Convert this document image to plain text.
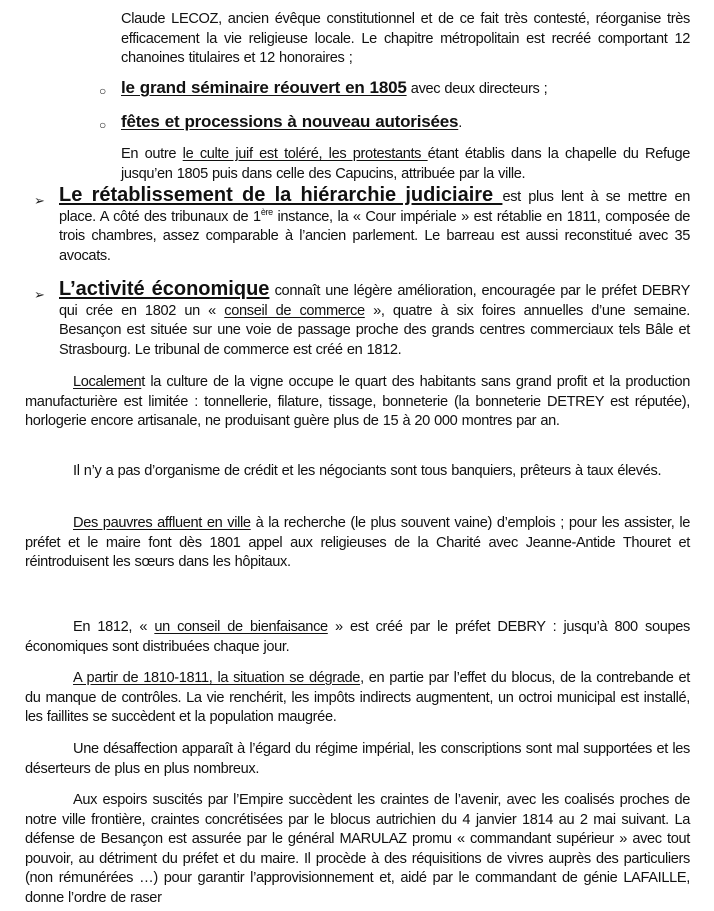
Claude LECOZ, ancien évêque constitutionnel et de ce fait très contesté, réorganise très efficacement la vie religieuse locale. Le chapitre métropolitain est recréé comportant 12 chanoines titulaires et 12 honoraires ;

○ le grand séminaire réouvert en 1805 avec deux directeurs ;

○ fêtes et processions à nouveau autorisées.

En outre le culte juif est toléré, les protestants étant établis dans la chapelle du Refuge jusqu’en 1805 puis dans celle des Capucins, attribuée par la ville.

➢ Le rétablissement de la hiérarchie judiciaire est plus lent à se mettre en place. A côté des tribunaux de 1ère instance, la « Cour impériale » est rétablie en 1811, composée de trois chambres, assez comparable à l’ancien parlement. Le barreau est aussi reconstitué avec 35 avocats.

➢ L’activité économique connaît une légère amélioration, encouragée par le préfet DEBRY qui crée en 1802 un « conseil de commerce », quatre à six foires annuelles d’une semaine. Besançon est située sur une voie de passage proche des grands centres commerciaux tels Bâle et Strasbourg. Le tribunal de commerce est créé en 1812.

Localement la culture de la vigne occupe le quart des habitants sans grand profit et la production manufacturière est limitée : tonnellerie, filature, tissage, bonneterie (la bonneterie DETREY est réputée), horlogerie encore artisanale, ne produisant guère plus de 15 à 20 000 montres par an.

Il n’y a pas d’organisme de crédit et les négociants sont tous banquiers, prêteurs à taux élevés.

Des pauvres affluent en ville à la recherche (le plus souvent vaine) d’emplois ; pour les assister, le préfet et le maire font dès 1801 appel aux religieuses de la Charité avec Jeanne-Antide Thouret et réintroduisent les sœurs dans les hôpitaux.

En 1812, « un conseil de bienfaisance » est créé par le préfet DEBRY : jusqu’à 800 soupes économiques sont distribuées chaque jour.

A partir de 1810-1811, la situation se dégrade, en partie par l’effet du blocus, de la contrebande et du manque de contrôles. La vie renchérit, les impôts indirects augmentent, un octroi municipal est installé, les faillites se succèdent et la population maugrée.

Une désaffection apparaît à l’égard du régime impérial, les conscriptions sont mal supportées et les déserteurs de plus en plus nombreux.

Aux espoirs suscités par l’Empire succèdent les craintes de l’avenir, avec les coalisés proches de notre ville frontière, craintes concrétisées par le blocus autrichien du 4 janvier 1814 au 2 mai suivant. La défense de Besançon est assurée par le général MARULAZ promu « commandant supérieur » avec tout pouvoir, au détriment du préfet et du maire. Il procède à des réquisitions de vivres auprès des particuliers (non rémunérées …) pour garantir l’approvisionnement et, aidé par le commandant de génie LAFAILLE, donne l’ordre de raser
